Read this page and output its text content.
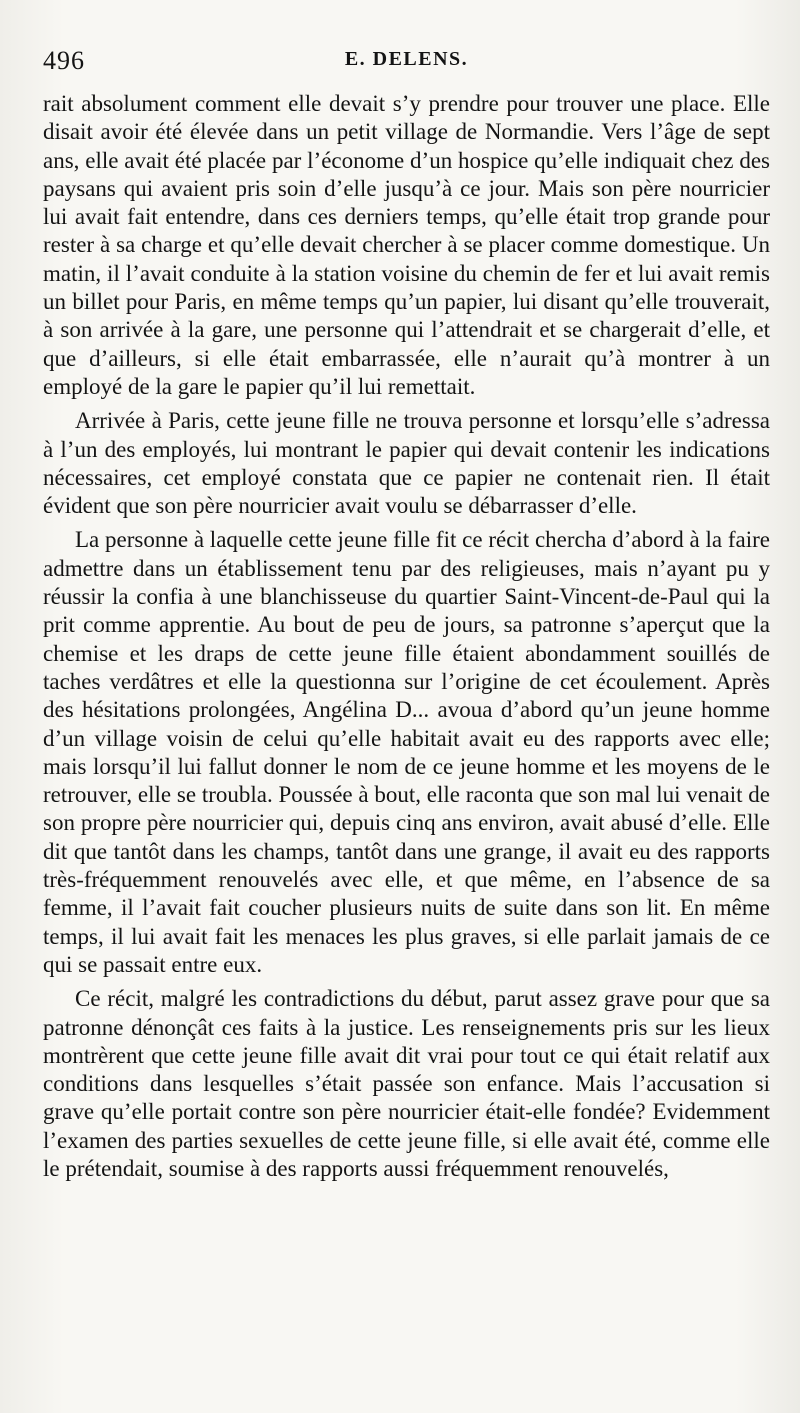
496	E. DELENS.

rait absolument comment elle devait s’y prendre pour trouver une place. Elle disait avoir été élevée dans un petit village de Normandie. Vers l’âge de sept ans, elle avait été placée par l’économe d’un hospice qu’elle indiquait chez des paysans qui avaient pris soin d’elle jusqu’à ce jour. Mais son père nourricier lui avait fait entendre, dans ces derniers temps, qu’elle était trop grande pour rester à sa charge et qu’elle devait chercher à se placer comme domestique. Un matin, il l’avait conduite à la station voisine du chemin de fer et lui avait remis un billet pour Paris, en même temps qu’un papier, lui disant qu’elle trouverait, à son arrivée à la gare, une personne qui l’attendrait et se chargerait d’elle, et que d’ailleurs, si elle était embarrassée, elle n’aurait qu’à montrer à un employé de la gare le papier qu’il lui remettait.

Arrivée à Paris, cette jeune fille ne trouva personne et lorsqu’elle s’adressa à l’un des employés, lui montrant le papier qui devait contenir les indications nécessaires, cet employé constata que ce papier ne contenait rien. Il était évident que son père nourricier avait voulu se débarrasser d’elle.

La personne à laquelle cette jeune fille fit ce récit chercha d’abord à la faire admettre dans un établissement tenu par des religieuses, mais n’ayant pu y réussir la confia à une blanchisseuse du quartier Saint-Vincent-de-Paul qui la prit comme apprentie. Au bout de peu de jours, sa patronne s’aperçut que la chemise et les draps de cette jeune fille étaient abondamment souillés de taches verdâtres et elle la questionna sur l’origine de cet écoulement. Après des hésitations prolongées, Angélina D... avoua d’abord qu’un jeune homme d’un village voisin de celui qu’elle habitait avait eu des rapports avec elle; mais lorsqu’il lui fallut donner le nom de ce jeune homme et les moyens de le retrouver, elle se troubla. Poussée à bout, elle raconta que son mal lui venait de son propre père nourricier qui, depuis cinq ans environ, avait abusé d’elle. Elle dit que tantôt dans les champs, tantôt dans une grange, il avait eu des rapports très-fréquemment renouvelés avec elle, et que même, en l’absence de sa femme, il l’avait fait coucher plusieurs nuits de suite dans son lit. En même temps, il lui avait fait les menaces les plus graves, si elle parlait jamais de ce qui se passait entre eux.

Ce récit, malgré les contradictions du début, parut assez grave pour que sa patronne dénonçât ces faits à la justice. Les renseignements pris sur les lieux montrèrent que cette jeune fille avait dit vrai pour tout ce qui était relatif aux conditions dans lesquelles s’était passée son enfance. Mais l’accusation si grave qu’elle portait contre son père nourricier était-elle fondée? Evidemment l’examen des parties sexuelles de cette jeune fille, si elle avait été, comme elle le prétendait, soumise à des rapports aussi fréquemment renouvelés,
